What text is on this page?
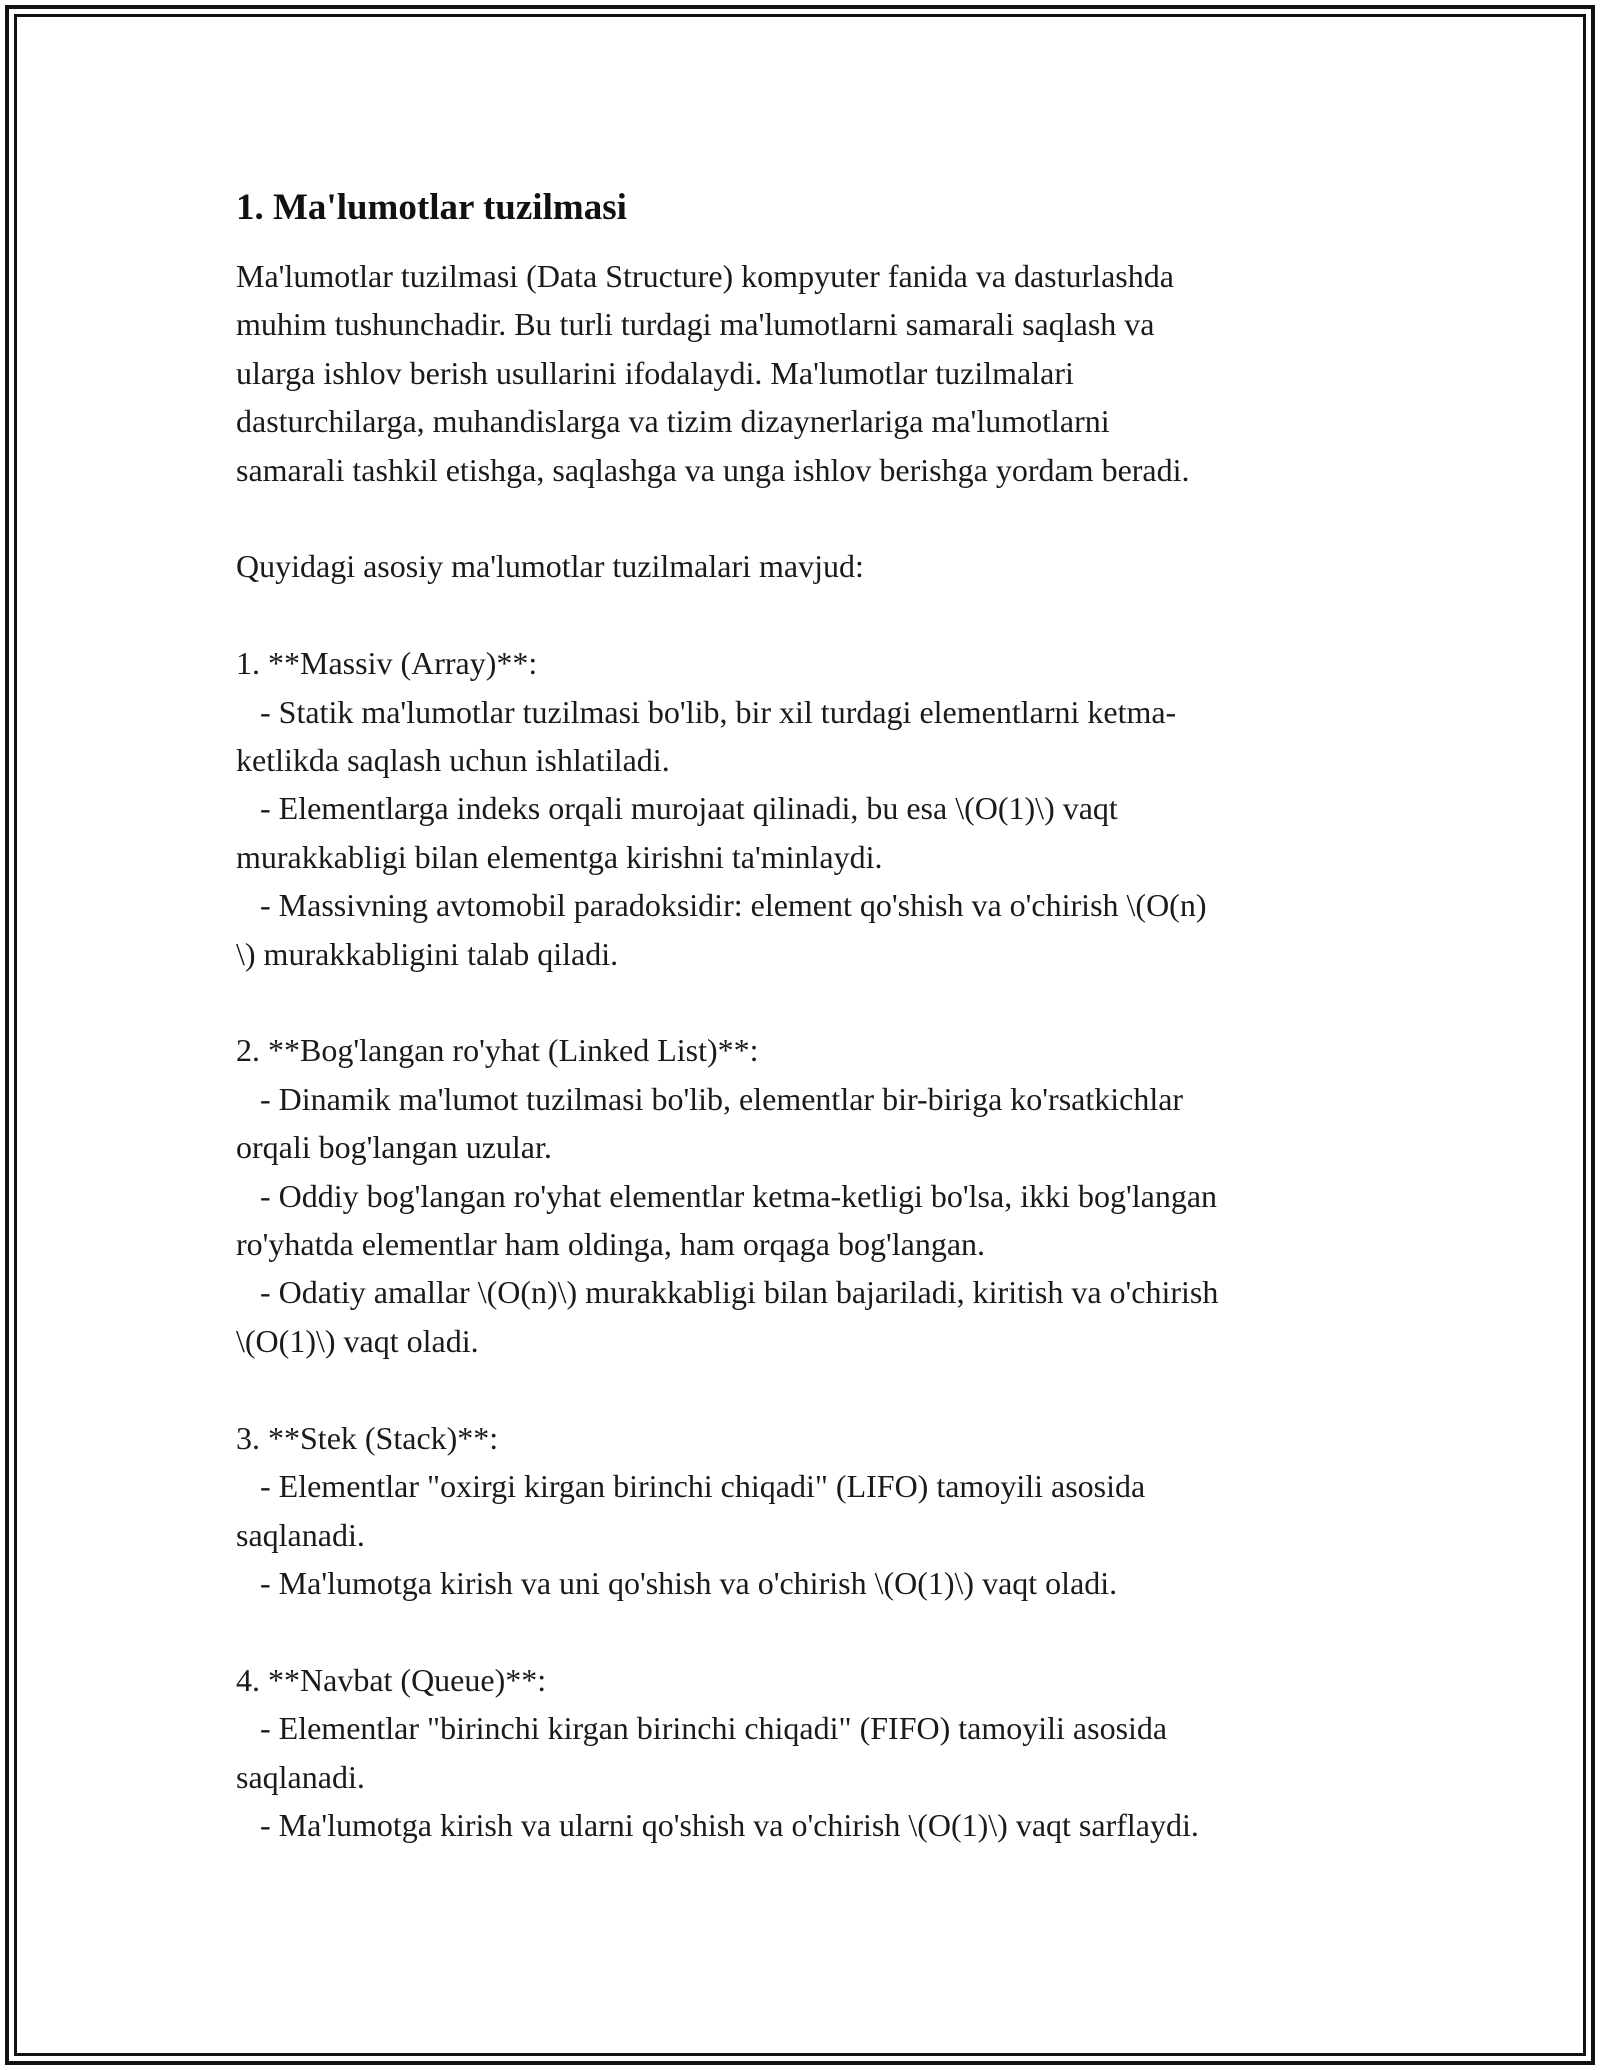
1. Ma'lumotlar tuzilmasi
Ma'lumotlar tuzilmasi (Data Structure) kompyuter fanida va dasturlashda
muhim tushunchadir. Bu turli turdagi ma'lumotlarni samarali saqlash va
ularga ishlov berish usullarini ifodalaydi. Ma'lumotlar tuzilmalari
dasturchilarga, muhandislarga va tizim dizaynerlariga ma'lumotlarni
samarali tashkil etishga, saqlashga va unga ishlov berishga yordam beradi.
Quyidagi asosiy ma'lumotlar tuzilmalari mavjud:
1. **Massiv (Array)**:
- Statik ma'lumotlar tuzilmasi bo'lib, bir xil turdagi elementlarni ketma-
ketlikda saqlash uchun ishlatiladi.
- Elementlarga indeks orqali murojaat qilinadi, bu esa \(O(1)\) vaqt
murakkabligi bilan elementga kirishni ta'minlaydi.
- Massivning avtomobil paradoksidir: element qo'shish va o'chirish \(O(n)
\) murakkabligini talab qiladi.
2. **Bog'langan ro'yhat (Linked List)**:
- Dinamik ma'lumot tuzilmasi bo'lib, elementlar bir-biriga ko'rsatkichlar
orqali bog'langan uzular.
- Oddiy bog'langan ro'yhat elementlar ketma-ketligi bo'lsa, ikki bog'langan
ro'yhatda elementlar ham oldinga, ham orqaga bog'langan.
- Odatiy amallar \(O(n)\) murakkabligi bilan bajariladi, kiritish va o'chirish
\(O(1)\) vaqt oladi.
3. **Stek (Stack)**:
- Elementlar "oxirgi kirgan birinchi chiqadi" (LIFO) tamoyili asosida
saqlanadi.
- Ma'lumotga kirish va uni qo'shish va o'chirish \(O(1)\) vaqt oladi.
4. **Navbat (Queue)**:
- Elementlar "birinchi kirgan birinchi chiqadi" (FIFO) tamoyili asosida
saqlanadi.
- Ma'lumotga kirish va ularni qo'shish va o'chirish \(O(1)\) vaqt sarflaydi.
